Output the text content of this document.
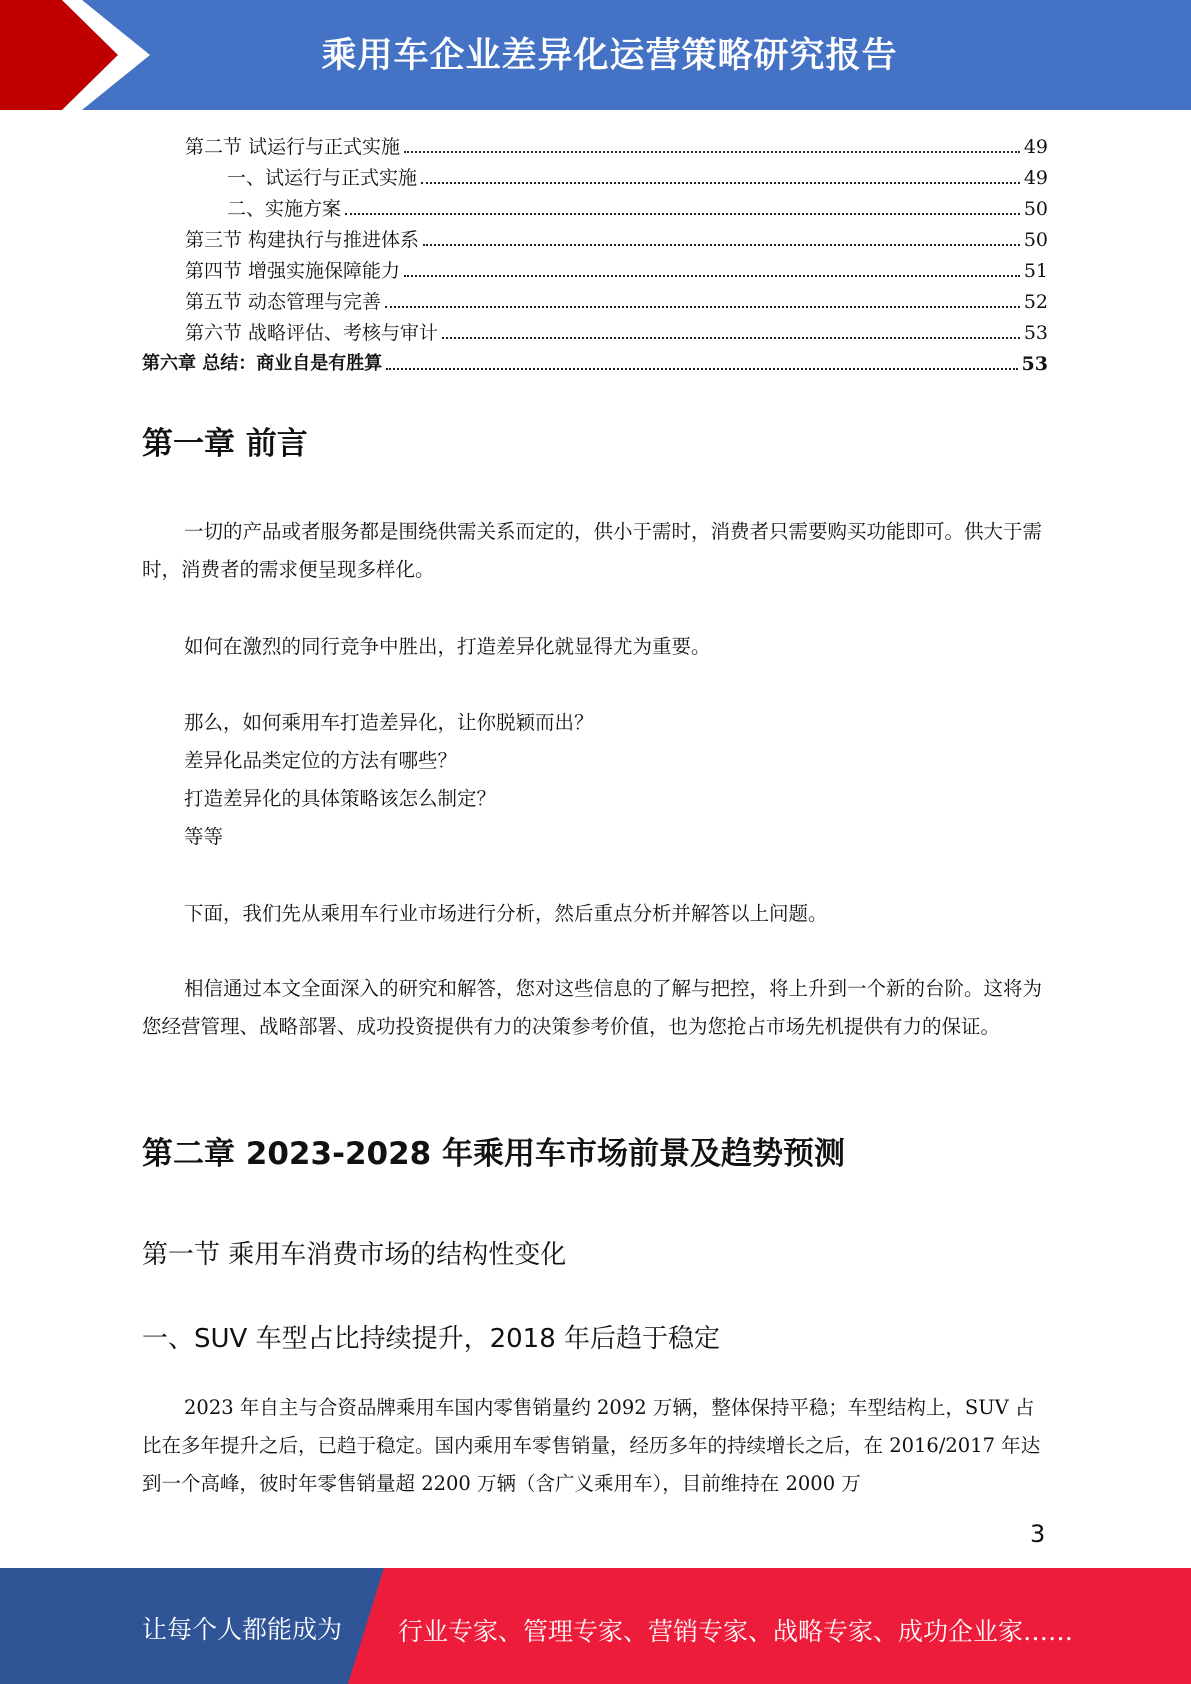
乘用车企业差异化运营策略研究报告
第二节 试运行与正式实施	49
一、试运行与正式实施	49
二、实施方案	50
第三节 构建执行与推进体系	50
第四节 增强实施保障能力	51
第五节 动态管理与完善	52
第六节 战略评估、考核与审计	53
第六章 总结：商业自是有胜算	53
第一章 前言
一切的产品或者服务都是围绕供需关系而定的，供小于需时，消费者只需要购买功能即可。供大于需时，消费者的需求便呈现多样化。
如何在激烈的同行竞争中胜出，打造差异化就显得尤为重要。
那么，如何乘用车打造差异化，让你脱颖而出？
差异化品类定位的方法有哪些？
打造差异化的具体策略该怎么制定？
等等
下面，我们先从乘用车行业市场进行分析，然后重点分析并解答以上问题。
相信通过本文全面深入的研究和解答，您对这些信息的了解与把控，将上升到一个新的台阶。这将为您经营管理、战略部署、成功投资提供有力的决策参考价值，也为您抢占市场先机提供有力的保证。
第二章 2023-2028 年乘用车市场前景及趋势预测
第一节 乘用车消费市场的结构性变化
一、SUV 车型占比持续提升，2018 年后趋于稳定
2023 年自主与合资品牌乘用车国内零售销量约 2092 万辆，整体保持平稳；车型结构上，SUV 占比在多年提升之后，已趋于稳定。国内乘用车零售销量，经历多年的持续增长之后，在 2016/2017 年达到一个高峰，彼时年零售销量超 2200 万辆（含广义乘用车），目前维持在 2000 万
3
让每个人都能成为 行业专家、管理专家、营销专家、战略专家、成功企业家……
